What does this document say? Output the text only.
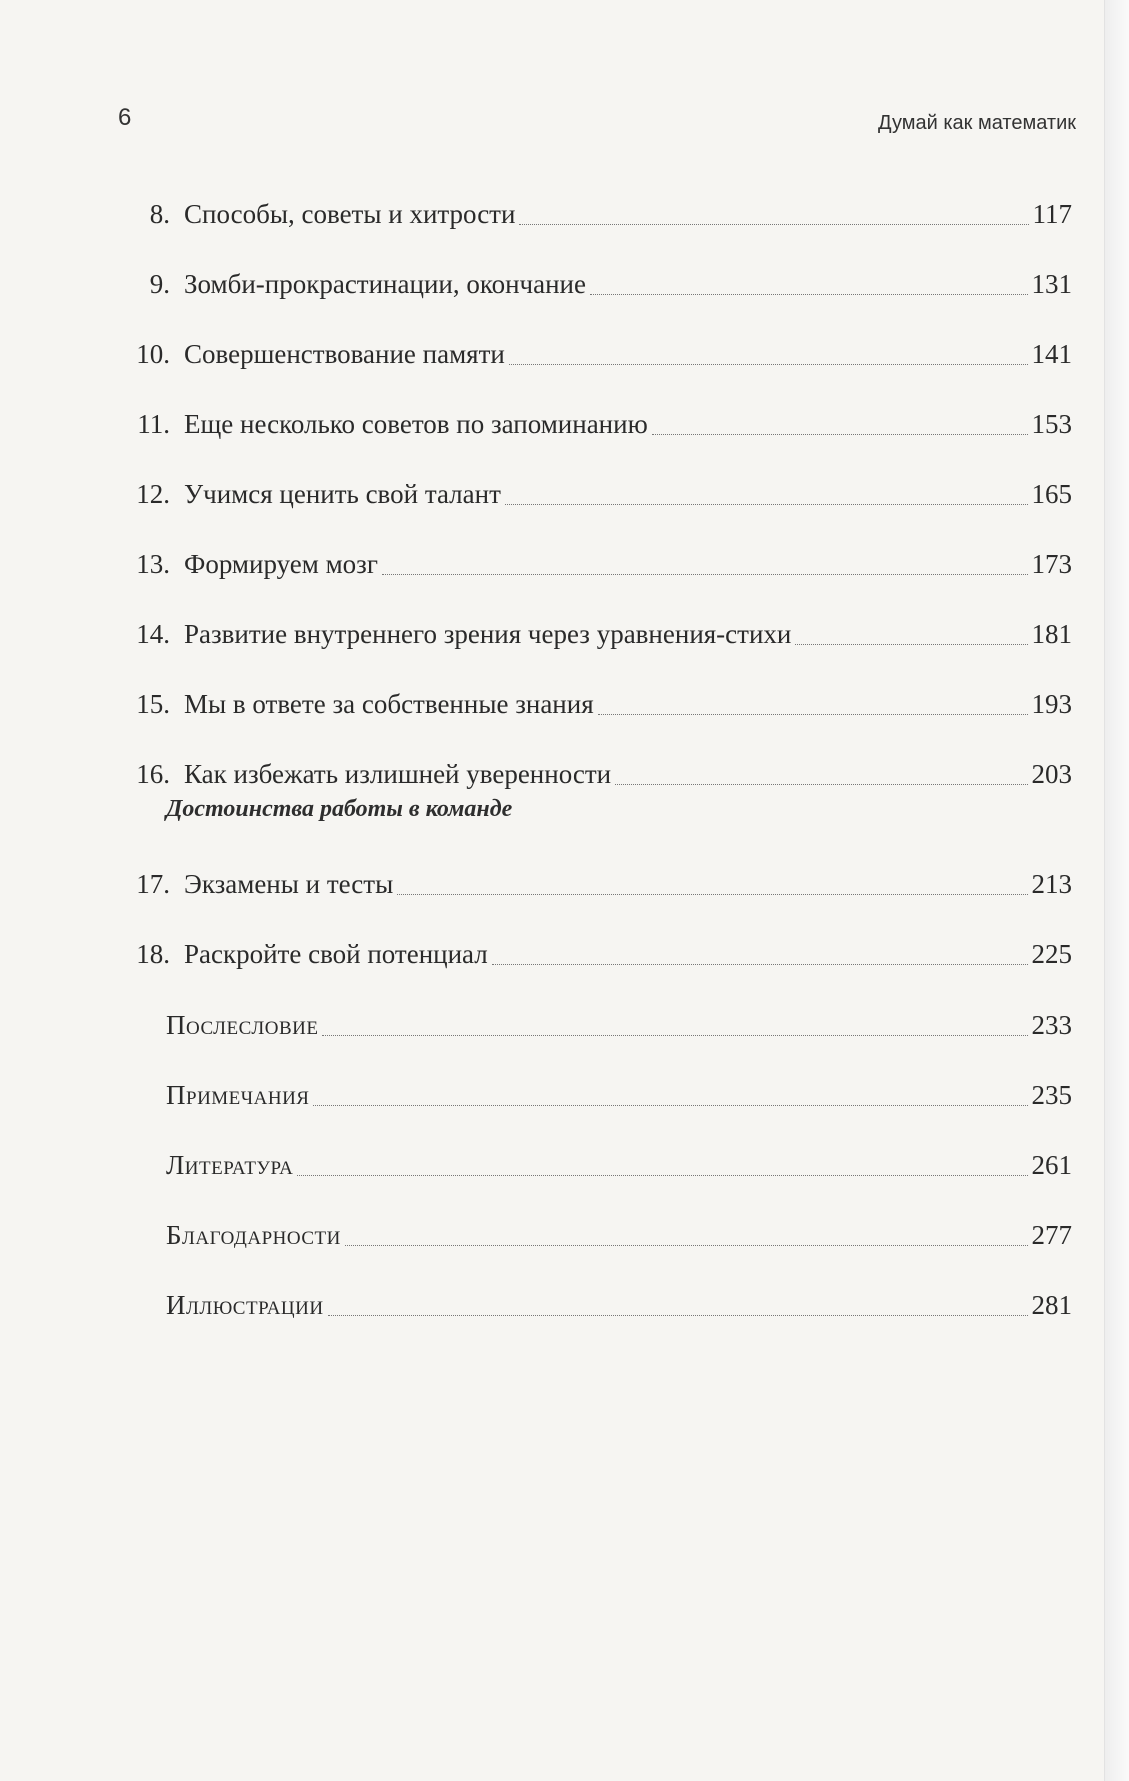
6	Думай как математик
8. Способы, советы и хитрости	117
9. Зомби-прокрастинации, окончание	131
10. Совершенствование памяти	141
11. Еще несколько советов по запоминанию	153
12. Учимся ценить свой талант	165
13. Формируем мозг	173
14. Развитие внутреннего зрения через уравнения-стихи	181
15. Мы в ответе за собственные знания	193
16. Как избежать излишней уверенности	203
Достоинства работы в команде
17. Экзамены и тесты	213
18. Раскройте свой потенциал	225
Послесловие	233
Примечания	235
Литература	261
Благодарности	277
Иллюстрации	281
